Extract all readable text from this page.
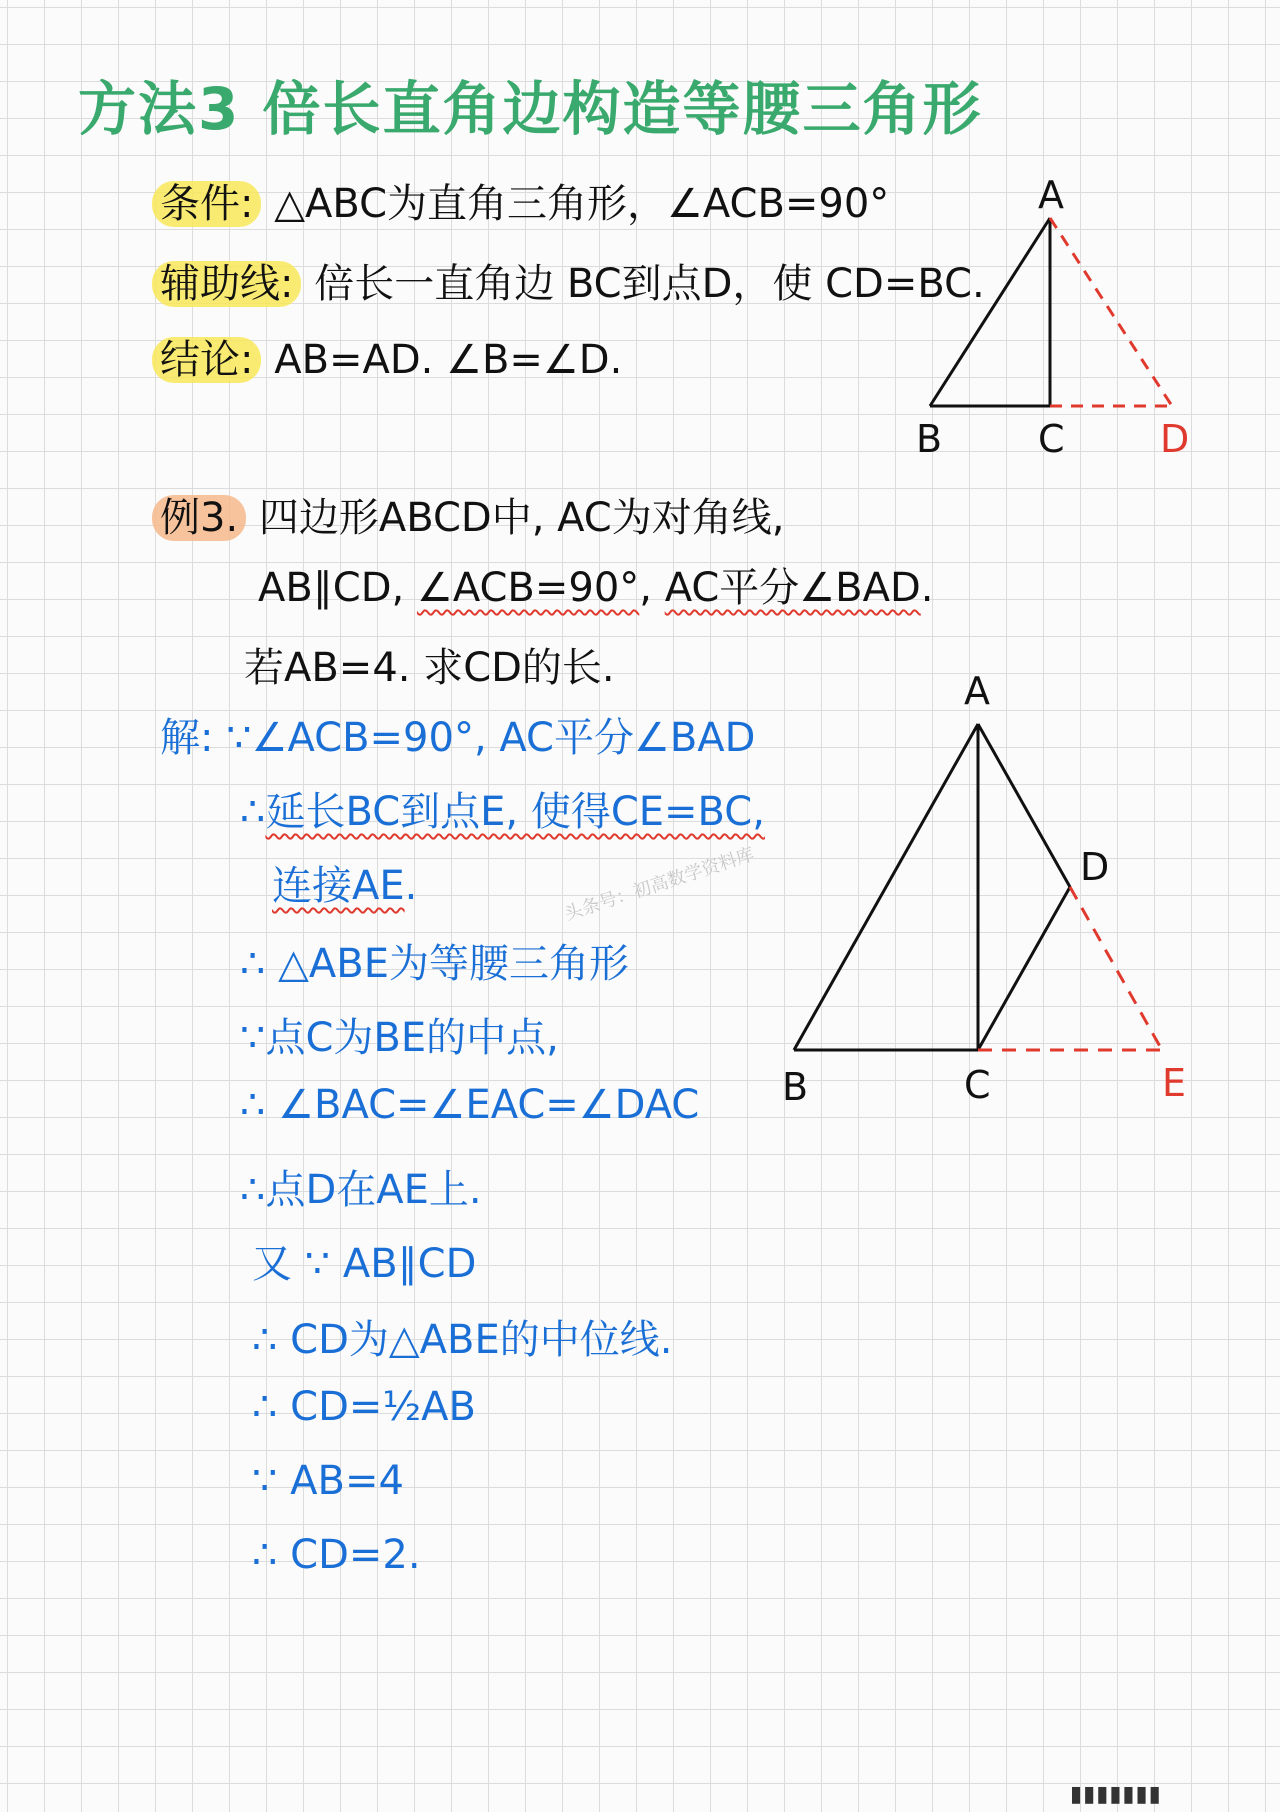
方法3 倍长直角边构造等腰三角形
条件: △ABC为直角三角形，∠ACB=90°
辅助线: 倍长一直角边 BC到点D，使 CD=BC.
结论: AB=AD. ∠B=∠D.
A
B	C	D
例3. 四边形ABCD中, AC为对角线,
AB∥CD, ∠ACB=90°, AC平分∠BAD.
若AB=4. 求CD的长.
解: ∵∠ACB=90°, AC平分∠BAD
∴延长BC到点E, 使得CE=BC,
连接AE.
∴ △ABE为等腰三角形
∵点C为BE的中点,
∴ ∠BAC=∠EAC=∠DAC
∴点D在AE上.
又 ∵ AB∥CD
∴ CD为△ABE的中位线.
∴ CD=½AB
∵ AB=4
∴ CD=2.
A
B	C
D
E
头条号：初高数学资料库
▮▮▮▮▮▮▮
